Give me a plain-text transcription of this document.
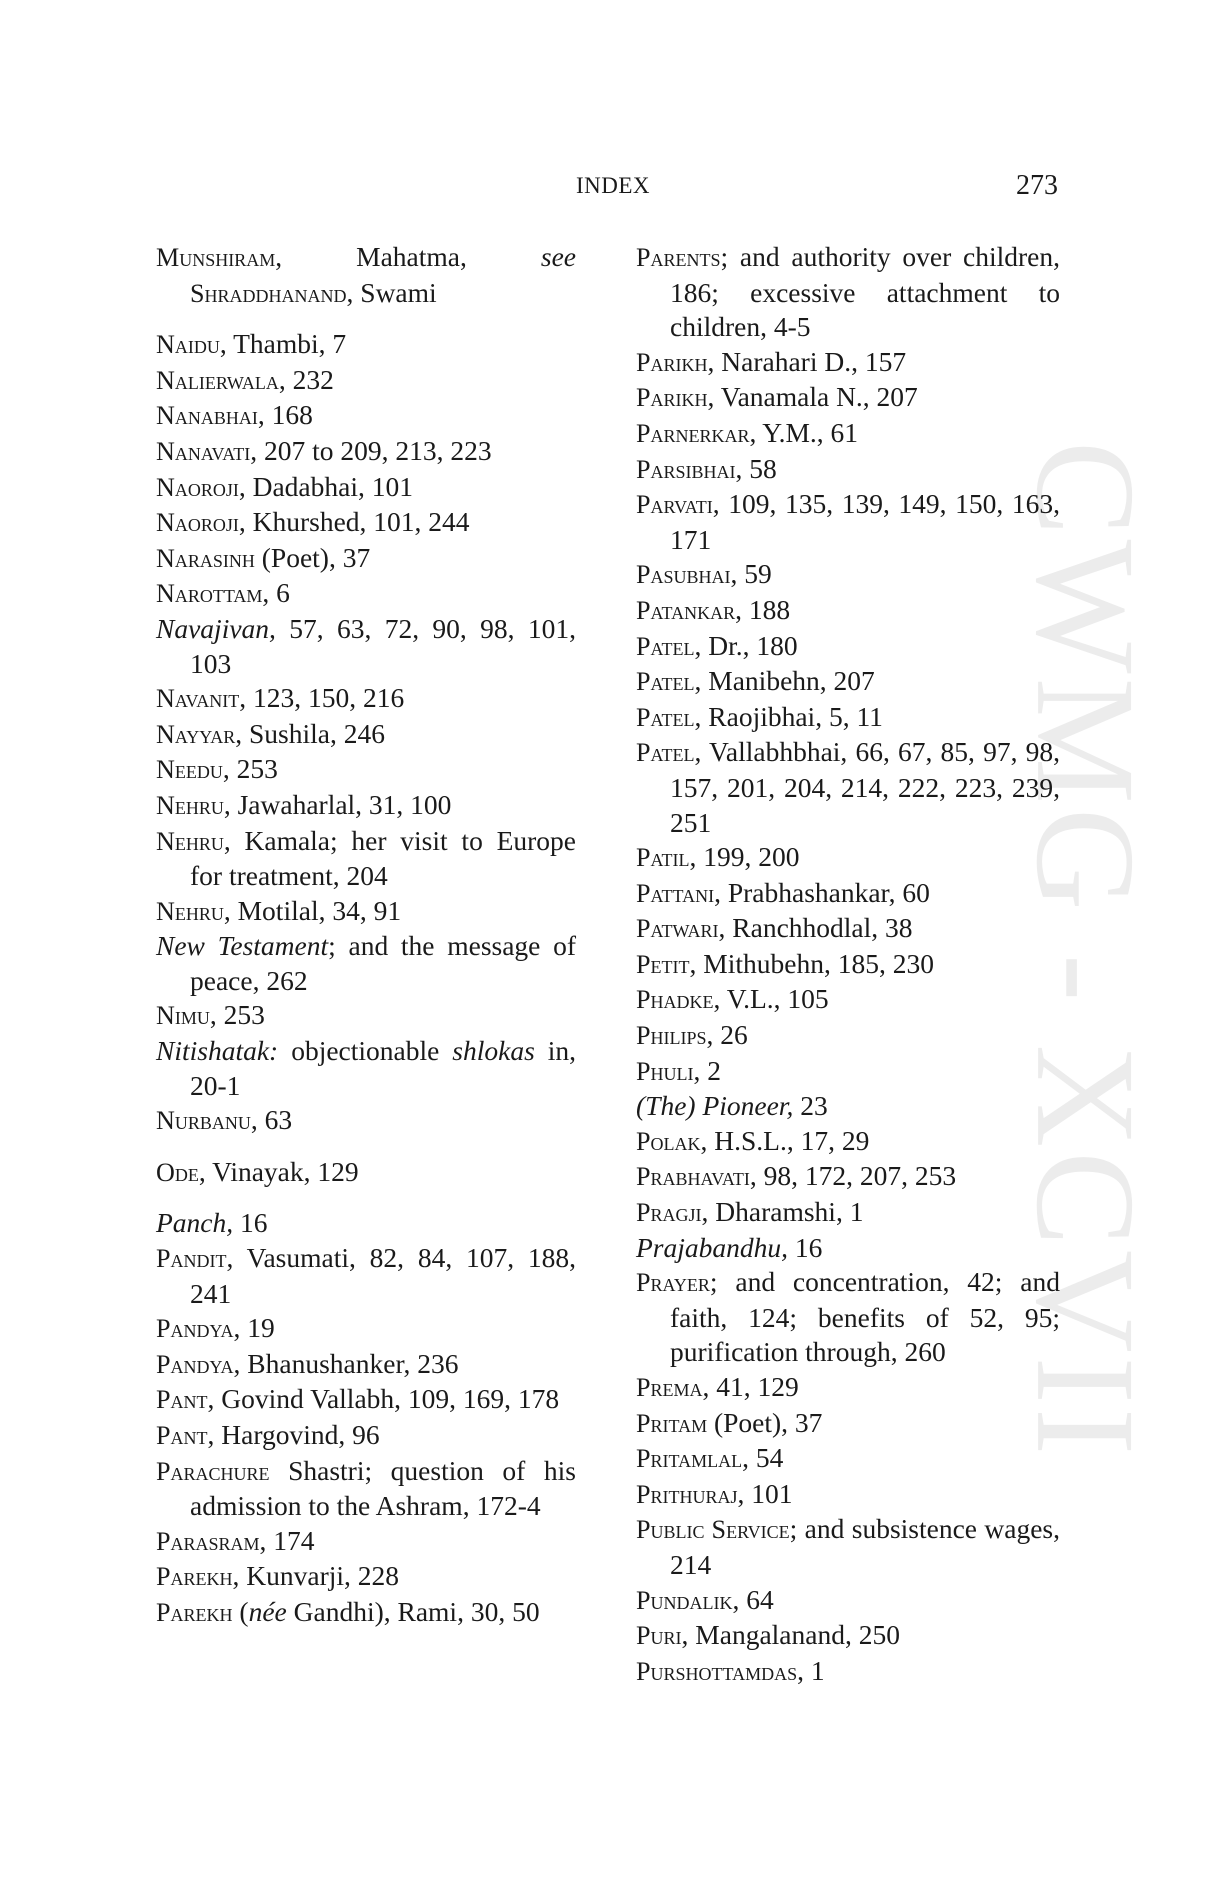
INDEX	273
CWMG - XCVII
Munshiram, Mahatma, see Shraddhanand, Swami
Naidu, Thambi, 7
Nalierwala, 232
Nanabhai, 168
Nanavati, 207 to 209, 213, 223
Naoroji, Dadabhai, 101
Naoroji, Khurshed, 101, 244
Narasinh (Poet), 37
Narottam, 6
Navajivan, 57, 63, 72, 90, 98, 101, 103
Navanit, 123, 150, 216
Nayyar, Sushila, 246
Needu, 253
Nehru, Jawaharlal, 31, 100
Nehru, Kamala; her visit to Europe for treatment, 204
Nehru, Motilal, 34, 91
New Testament; and the message of peace, 262
Nimu, 253
Nitishatak: objectionable shlokas in, 20-1
Nurbanu, 63
Ode, Vinayak, 129
Panch, 16
Pandit, Vasumati, 82, 84, 107, 188, 241
Pandya, 19
Pandya, Bhanushanker, 236
Pant, Govind Vallabh, 109, 169, 178
Pant, Hargovind, 96
Parachure Shastri; question of his admission to the Ashram, 172-4
Parasram, 174
Parekh, Kunvarji, 228
Parekh (née Gandhi), Rami, 30, 50
Parents; and authority over children, 186; excessive attachment to children, 4-5
Parikh, Narahari D., 157
Parikh, Vanamala N., 207
Parnerkar, Y.M., 61
Parsibhai, 58
Parvati, 109, 135, 139, 149, 150, 163, 171
Pasubhai, 59
Patankar, 188
Patel, Dr., 180
Patel, Manibehn, 207
Patel, Raojibhai, 5, 11
Patel, Vallabhbhai, 66, 67, 85, 97, 98, 157, 201, 204, 214, 222, 223, 239, 251
Patil, 199, 200
Pattani, Prabhashankar, 60
Patwari, Ranchhodlal, 38
Petit, Mithubehn, 185, 230
Phadke, V.L., 105
Philips, 26
Phuli, 2
(The) Pioneer, 23
Polak, H.S.L., 17, 29
Prabhavati, 98, 172, 207, 253
Pragji, Dharamshi, 1
Prajabandhu, 16
Prayer; and concentration, 42; and faith, 124; benefits of 52, 95; purification through, 260
Prema, 41, 129
Pritam (Poet), 37
Pritamlal, 54
Prithuraj, 101
Public Service; and subsistence wages, 214
Pundalik, 64
Puri, Mangalanand, 250
Purshottamdas, 1
